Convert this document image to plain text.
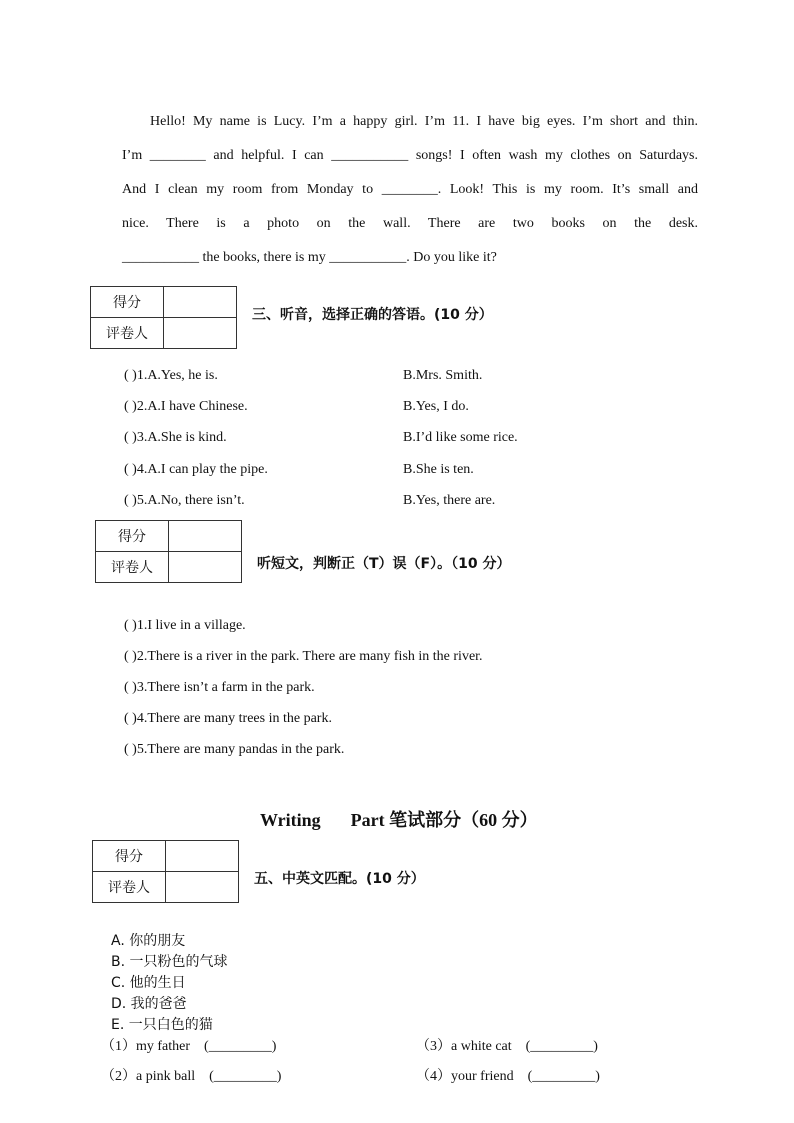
Hello! My name is Lucy. I’m a happy girl. I’m 11. I have big eyes. I’m short and thin.
I’m ________ and helpful. I can ___________ songs! I often wash my clothes on Saturdays.
And I clean my room from Monday to ________. Look! This is my room. It’s small and
nice. There is a photo on the wall. There are two books on the desk.
___________ the books, there is my ___________. Do you like it?
得分	
评卷人	
三、听音，选择正确的答语。(10 分）
( )1.A.Yes, he is.	B.Mrs. Smith.
( )2.A.I have Chinese.	B.Yes, I do.
( )3.A.She is kind.	B.I’d like some rice.
( )4.A.I can play the pipe.	B.She is ten.
( )5.A.No, there isn’t.	B.Yes, there are.
得分	
评卷人		听短文，判断正（T）误（F）。（10 分）
( )1.I live in a village.
( )2.There is a river in the park. There are many fish in the river.
( )3.There isn’t a farm in the park.
( )4.There are many trees in the park.
( )5.There are many pandas in the park.
Writing Part 笔试部分（60 分）
得分	
评卷人	
五、中英文匹配。(10 分）
A. 你的朋友
B. 一只粉色的气球
C. 他的生日
D. 我的爸爸
E. 一只白色的猫
（1）my father　(_________)	（3）a white cat　(_________)
（2）a pink ball　(_________)	（4）your friend　(_________)
